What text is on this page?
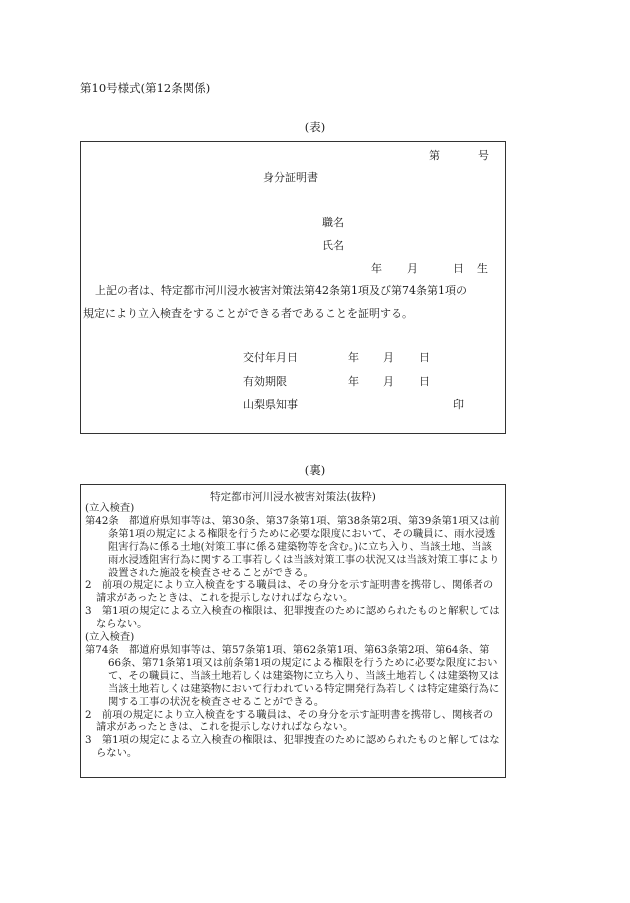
第10号様式(第12条関係)
(表)
第	号
身分証明書
職名
氏名
年 月	日 生
上記の者は、特定都市河川浸水被害対策法第42条第1項及び第74条第1項の
規定により立入検査をすることができる者であることを証明する。
交付年月日	年 月 日
有効期限	年 月 日
山梨県知事	印
(裏)
特定都市河川浸水被害対策法(抜粋)
(立入検査)
第42条　 都道府県知事等は、第30条、第37条第1項、第38条第2項、第39条第1項又は前条第1項の規定による権限を行うために必要な限度において、その職員に、雨水浸透阻害行為に係る土地(対策工事に係る建築物等を含む。)に立ち入り、当該土地、当該雨水浸透阻害行為に関する工事若しくは当該対策工事の状況又は当該対策工事により設置された施設を検査させることができる。
2　前項の規定により立入検査をする職員は、その身分を示す証明書を携帯し、関係者の請求があったときは、これを提示しなければならない。
3　第1項の規定による立入検査の権限は、犯罪捜査のために認められたものと解釈してはならない。
(立入検査)
第74条　 都道府県知事等は、第57条第1項、第62条第1項、第63条第2項、第64条、第66条、第71条第1項又は前条第1項の規定による権限を行うために必要な限度において、その職員に、当該土地若しくは建築物に立ち入り、当該土地若しくは建築物又は当該土地若しくは建築物において行われている特定開発行為若しくは特定建築行為に関する工事の状況を検査させることができる。
2　前項の規定により立入検査をする職員は、その身分を示す証明書を携帯し、関核者の請求があったときは、これを提示しなければならない。
3　第1項の規定による立入検査の権限は、犯罪捜査のために認められたものと解してはならない。
